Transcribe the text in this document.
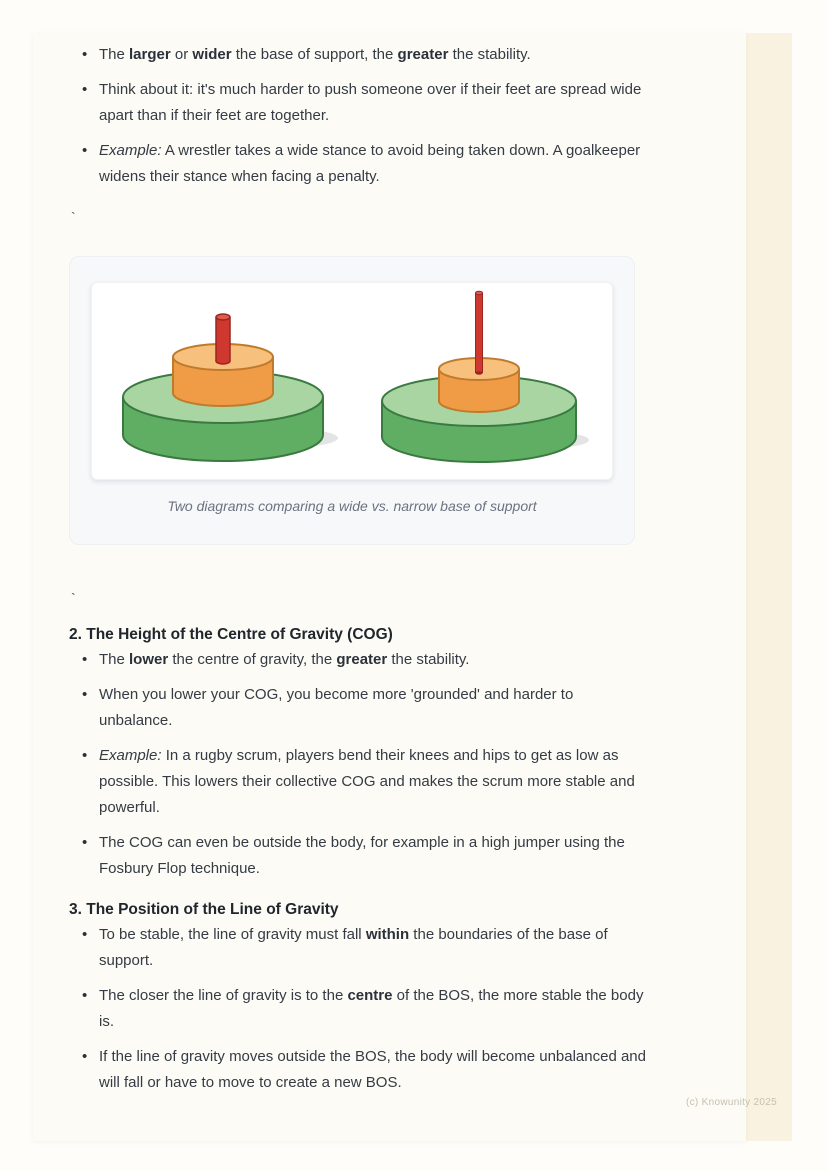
• The larger or wider the base of support, the greater the stability.
• Think about it: it's much harder to push someone over if their feet are spread wide apart than if their feet are together.
• Example: A wrestler takes a wide stance to avoid being taken down. A goalkeeper widens their stance when facing a penalty.
`
Two diagrams comparing a wide vs. narrow base of support
`
2. The Height of the Centre of Gravity (COG)
• The lower the centre of gravity, the greater the stability.
• When you lower your COG, you become more 'grounded' and harder to unbalance.
• Example: In a rugby scrum, players bend their knees and hips to get as low as possible. This lowers their collective COG and makes the scrum more stable and powerful.
• The COG can even be outside the body, for example in a high jumper using the Fosbury Flop technique.
3. The Position of the Line of Gravity
• To be stable, the line of gravity must fall within the boundaries of the base of support.
• The closer the line of gravity is to the centre of the BOS, the more stable the body is.
• If the line of gravity moves outside the BOS, the body will become unbalanced and will fall or have to move to create a new BOS.
(c) Knowunity 2025
